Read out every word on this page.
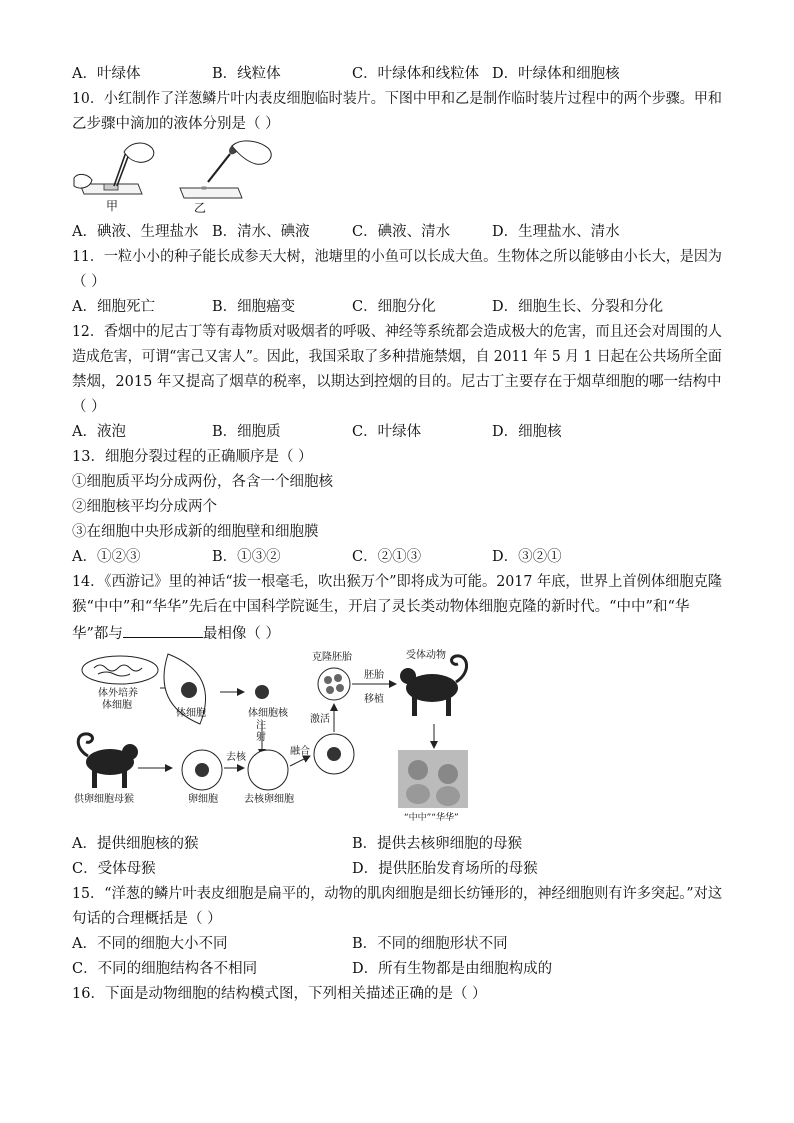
A．叶绿体	B．线粒体	C．叶绿体和线粒体 D．叶绿体和细胞核
10．小红制作了洋葱鳞片叶内表皮细胞临时装片。下图中甲和乙是制作临时装片过程中的两个步骤。甲和
乙步骤中滴加的液体分别是（ ）
甲	乙
A．碘液、生理盐水 B．清水、碘液	C．碘液、清水	D．生理盐水、清水
11．一粒小小的种子能长成参天大树，池塘里的小鱼可以长成大鱼。生物体之所以能够由小长大，是因为
（ ）
A．细胞死亡	B．细胞癌变	C．细胞分化	D．细胞生长、分裂和分化
12．香烟中的尼古丁等有毒物质对吸烟者的呼吸、神经等系统都会造成极大的危害，而且还会对周围的人
造成危害，可谓“害己又害人”。因此，我国采取了多种措施禁烟，自 2011 年 5 月 1 日起在公共场所全面
禁烟，2015 年又提高了烟草的税率，以期达到控烟的目的。尼古丁主要存在于烟草细胞的哪一结构中
（ ）
A．液泡	B．细胞质	C．叶绿体	D．细胞核
13．细胞分裂过程的正确顺序是（ ）
①细胞质平均分成两份，各含一个细胞核
②细胞核平均分成两个
③在细胞中央形成新的细胞壁和细胞膜
A．①②③	B．①③②	C．②①③	D．③②①
14．《西游记》里的神话“拔一根毫毛，吹出猴万个”即将成为可能。2017 年底，世界上首例体细胞克隆
猴“中中”和“华华”先后在中国科学院诞生，开启了灵长类动物体细胞克隆的新时代。“中中”和“华
华”都与	最相像（ ）
体外培养
体细胞
体细胞	体细胞核
注
射
克隆胚胎
胚胎
移植
受体动物
“中中”“华华”
供卵细胞母猴	卵细胞
去核
去核卵细胞
融合
激活
A．提供细胞核的猴	B．提供去核卵细胞的母猴
C．受体母猴	D．提供胚胎发育场所的母猴
15．“洋葱的鳞片叶表皮细胞是扁平的，动物的肌肉细胞是细长纺锤形的，神经细胞则有许多突起。”对这
句话的合理概括是（ ）
A．不同的细胞大小不同	B．不同的细胞形状不同
C．不同的细胞结构各不相同	D．所有生物都是由细胞构成的
16．下面是动物细胞的结构模式图，下列相关描述正确的是（ ）
